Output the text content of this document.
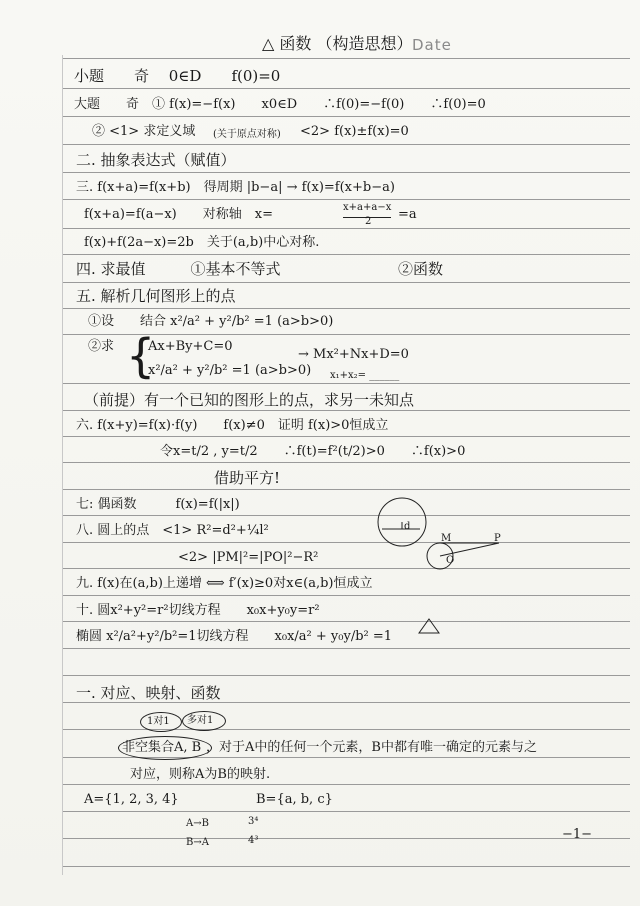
△ 函数 （构造思想） Date
小题　　奇　 0∈D　　f(0)=0
大题　　奇　① f(x)=−f(x)　　x0∈D　　∴f(0)=−f(0)　　∴f(0)=0
② <1> 求定义域 (关于原点对称) <2> f(x)±f(x)=0
二. 抽象表达式（赋值）
三. f(x+a)=f(x+b)　得周期 |b−a| → f(x)=f(x+b−a)
f(x+a)=f(a−x)　　对称轴　x=	x+a+a−x
2 =a
f(x)+f(2a−x)=2b　关于(a,b)中心对称.
四. 求最值　　　①基本不等式	②函数
五. 解析几何图形上的点
①设　　结合 x²/a² + y²/b² =1 (a>b>0)
②求 {
Ax+By+C=0
→ Mx²+Nx+D=0
x²/a² + y²/b² =1 (a>b>0) x₁+x₂= ______
（前提）有一个已知的图形上的点，求另一未知点
六. f(x+y)=f(x)·f(y)　　f(x)≠0　证明 f(x)>0恒成立
令x=t/2 , y=t/2　　∴f(t)=f²(t/2)>0　　∴f(x)>0
借助平方!
七: 偶函数　　　f(x)=f(|x|)
八. 圆上的点　<1> R²=d²+¼l²
<2> |PM|²=|PO|²−R²
d
M	P
O
九. f(x)在(a,b)上递增 ⟺ f′(x)≥0对x∈(a,b)恒成立
十. 圆x²+y²=r²切线方程　　x₀x+y₀y=r²
椭圆 x²/a²+y²/b²=1切线方程　　x₀x/a² + y₀y/b² =1
一. 对应、映射、函数
1对1 多对1
非空集合A, B ，对于A中的任何一个元素，B中都有唯一确定的元素与之
对应，则称A为B的映射.
A={1, 2, 3, 4}	B={a, b, c}
A→B	3⁴
B→A	4³	−1−
